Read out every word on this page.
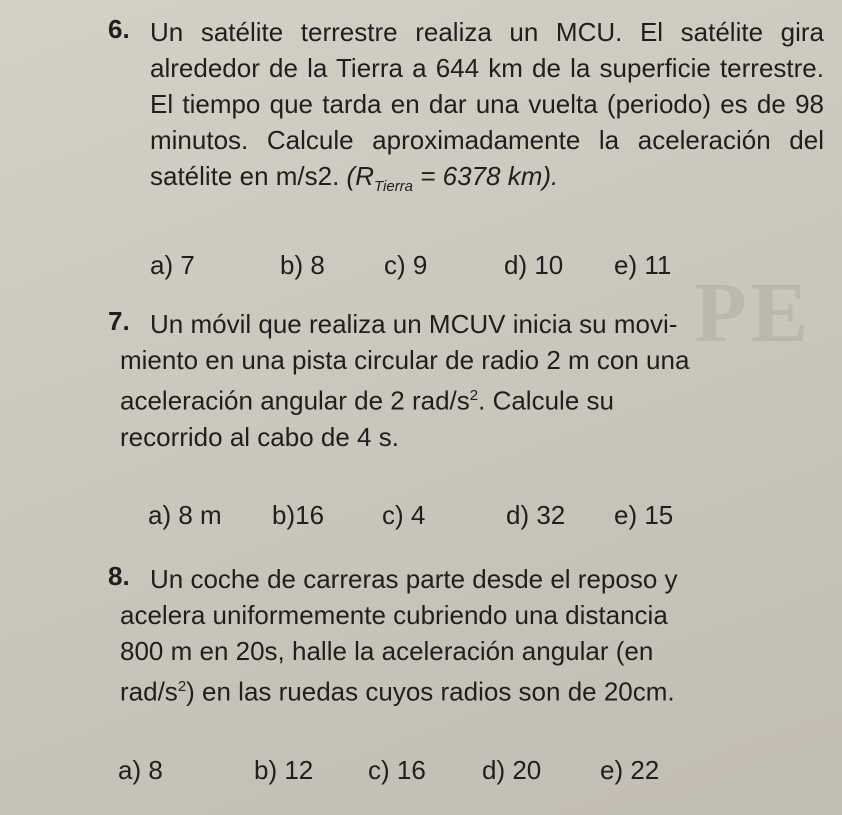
PE
6. Un satélite terrestre realiza un MCU. El satélite gira alrededor de la Tierra a 644 km de la superficie terrestre. El tiempo que tarda en dar una vuelta (periodo) es de 98 minutos. Calcule aproximadamente la aceleración del satélite en m/s2. ($R_{Tierra} = 6378$ km).
a) 7	b) 8	c) 9	d) 10	e) 11
7. Un móvil que realiza un MCUV inicia su movi-
miento en una pista circular de radio 2 m con una
aceleración angular de 2 rad/$s^2$. Calcule su
recorrido al cabo de 4 s.
a) 8 m	b)16	c) 4	d) 32	e) 15
8. Un coche de carreras parte desde el reposo y
acelera uniformemente cubriendo una distancia
800 m en 20s, halle la aceleración angular (en
rad/$s^2$) en las ruedas cuyos radios son de 20cm.
a) 8	b) 12	c) 16	d) 20	e) 22
